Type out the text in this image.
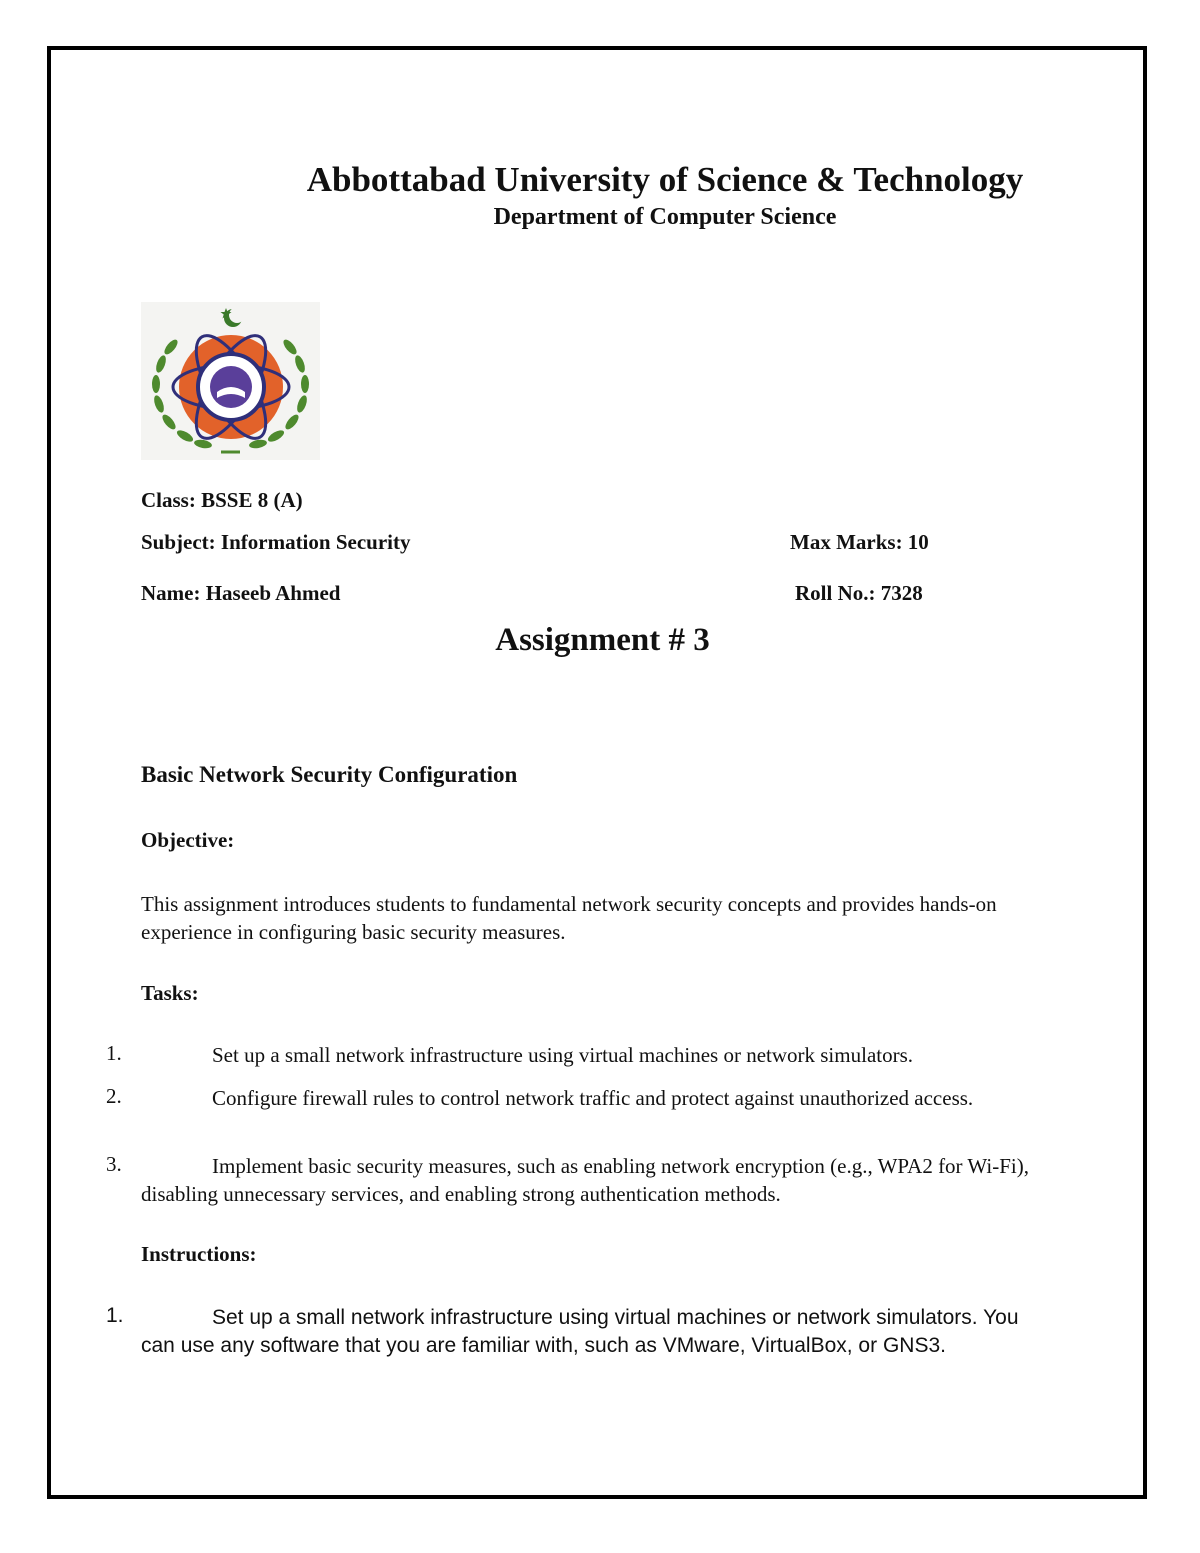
Abbottabad University of Science & Technology
Department of Computer Science
Class: BSSE 8 (A)
Subject: Information Security	Max Marks: 10
Name: Haseeb Ahmed	Roll No.: 7328
Assignment # 3
Basic Network Security Configuration
Objective:
This assignment introduces students to fundamental network security concepts and provides hands-on experience in configuring basic security measures.
Tasks:
1.	Set up a small network infrastructure using virtual machines or network simulators.
2.	Configure firewall rules to control network traffic and protect against unauthorized access.
3.	Implement basic security measures, such as enabling network encryption (e.g., WPA2 for Wi-Fi), disabling unnecessary services, and enabling strong authentication methods.
Instructions:
1.	Set up a small network infrastructure using virtual machines or network simulators. You can use any software that you are familiar with, such as VMware, VirtualBox, or GNS3.
